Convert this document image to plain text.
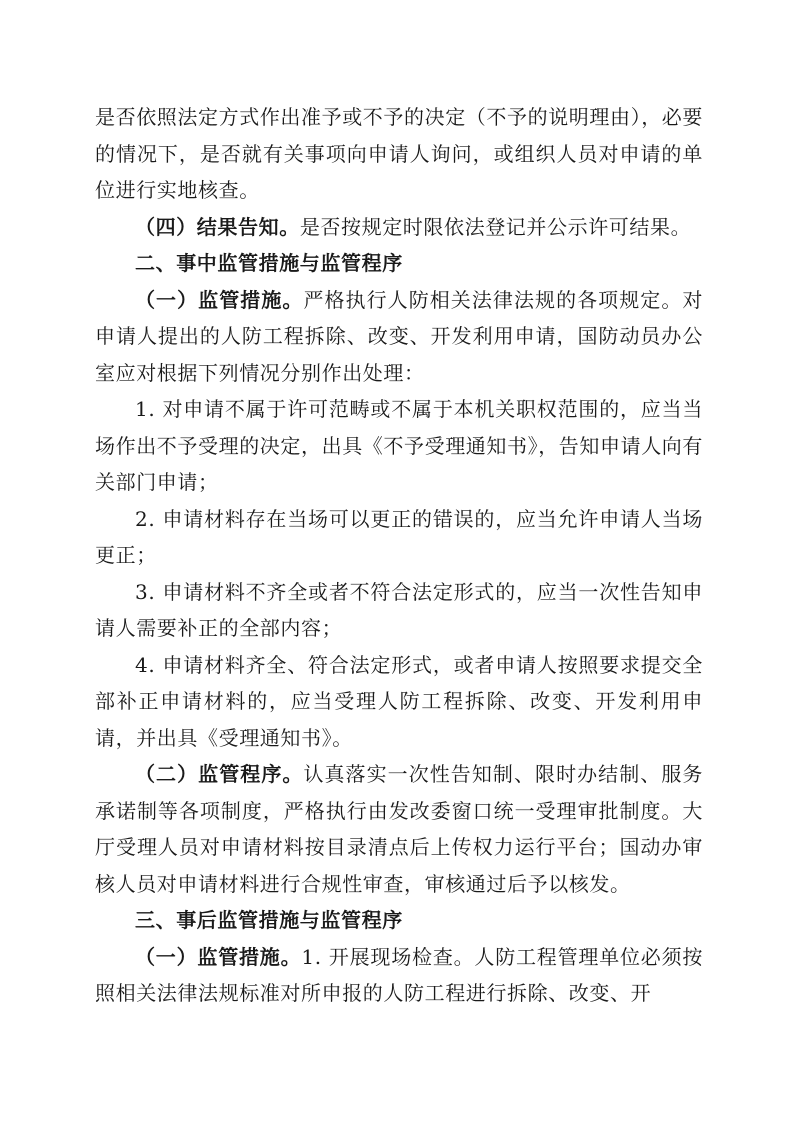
是否依照法定方式作出准予或不予的决定（不予的说明理由），必要的情况下，是否就有关事项向申请人询问，或组织人员对申请的单位进行实地核查。

（四）结果告知。是否按规定时限依法登记并公示许可结果。

二、事中监管措施与监管程序

（一）监管措施。严格执行人防相关法律法规的各项规定。对申请人提出的人防工程拆除、改变、开发利用申请，国防动员办公室应对根据下列情况分别作出处理：

1. 对申请不属于许可范畴或不属于本机关职权范围的，应当当场作出不予受理的决定，出具《不予受理通知书》，告知申请人向有关部门申请；

2. 申请材料存在当场可以更正的错误的，应当允许申请人当场更正；

3. 申请材料不齐全或者不符合法定形式的，应当一次性告知申请人需要补正的全部内容；

4. 申请材料齐全、符合法定形式，或者申请人按照要求提交全部补正申请材料的，应当受理人防工程拆除、改变、开发利用申请，并出具《受理通知书》。

（二）监管程序。认真落实一次性告知制、限时办结制、服务承诺制等各项制度，严格执行由发改委窗口统一受理审批制度。大厅受理人员对申请材料按目录清点后上传权力运行平台；国动办审核人员对申请材料进行合规性审查，审核通过后予以核发。

三、事后监管措施与监管程序

（一）监管措施。1. 开展现场检查。人防工程管理单位必须按照相关法律法规标准对所申报的人防工程进行拆除、改变、开
